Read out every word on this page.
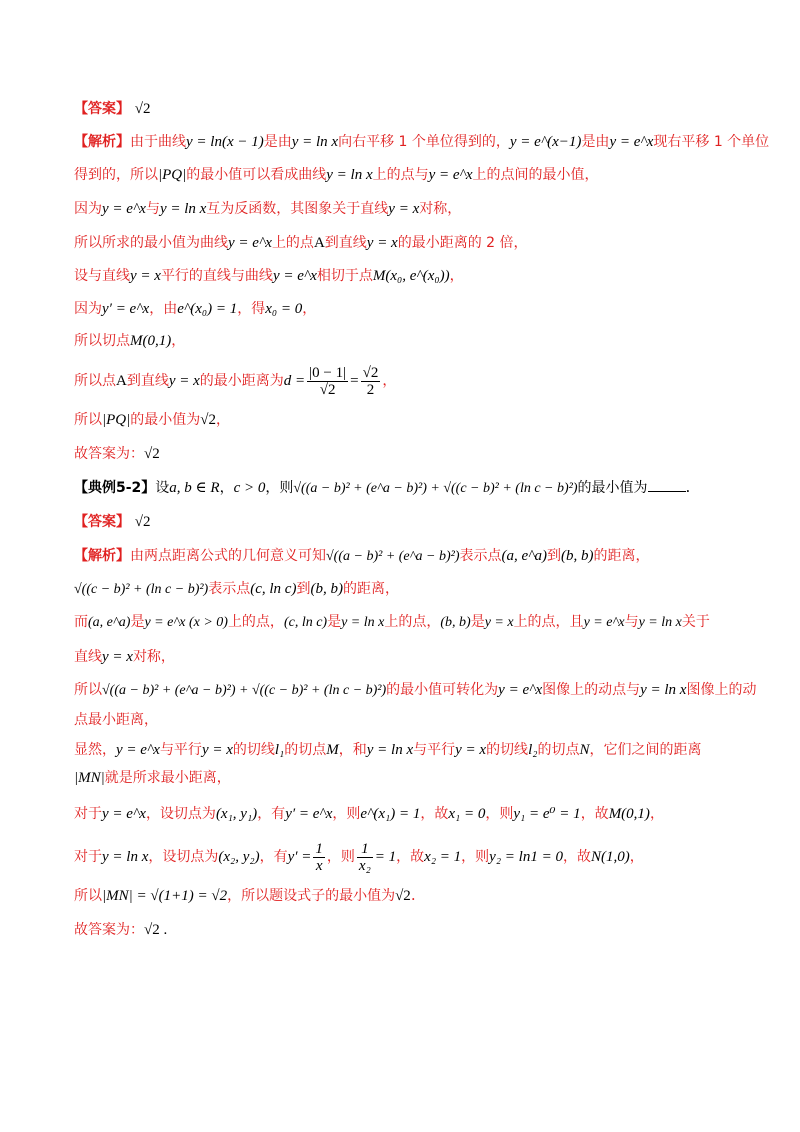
【答案】 √2
【解析】由于曲线y = ln(x − 1)是由y = ln x向右平移 1 个单位得到的，y = e^(x−1)是由y = e^x现右平移 1 个单位
得到的，所以|PQ|的最小值可以看成曲线y = ln x上的点与y = e^x上的点间的最小值，
因为y = e^x与y = ln x互为反函数，其图象关于直线y = x对称，
所以所求的最小值为曲线y = e^x上的点A到直线y = x的最小距离的 2 倍，
设与直线y = x平行的直线与曲线y = e^x相切于点M(x₀, e^(x₀))，
因为y′ = e^x，由e^(x₀) = 1，得x₀ = 0，
所以切点M(0,1)，
所以点A到直线y = x的最小距离为$d = \frac{|0 - 1|}{√2} = \frac{√2}{2}$ ，
所以|PQ|的最小值为√2，
故答案为：√2
【典例5-2】设a, b ∈ R，c > 0，则√((a − b)² + (e^a − b)²) + √((c − b)² + (ln c − b)²)的最小值为	.
【答案】 √2
【解析】由两点距离公式的几何意义可知√((a − b)² + (e^a − b)²)表示点(a, e^a)到(b, b)的距离，
√((c − b)² + (ln c − b)²)表示点(c, ln c)到(b, b)的距离，
而(a, e^a)是y = e^x (x > 0)上的点，(c, ln c)是y = ln x上的点，(b, b)是y = x上的点，且y = e^x与y = ln x关于
直线y = x对称，
所以√((a − b)² + (e^a − b)²) + √((c − b)² + (ln c − b)²)的最小值可转化为y = e^x图像上的动点与y = ln x图像上的动
点最小距离，
显然，y = e^x与平行y = x的切线l₁的切点M，和y = ln x与平行y = x的切线l₂的切点N，它们之间的距离
|MN|就是所求最小距离，
对于y = e^x，设切点为(x₁, y₁)，有y′ = e^x，则e^(x₁) = 1，故x₁ = 0，则y₁ = e⁰ = 1，故M(0,1)，
对于y = ln x，设切点为(x₂, y₂)，有$y' = \frac{1}{x}$ ，则 $\frac{1}{\text{x₂}} = 1$，故x₂ = 1，则y₂ = ln1 = 0，故N(1,0)，
所以|MN| = √(1+1) = √2，所以题设式子的最小值为√2.
故答案为：√2 .
